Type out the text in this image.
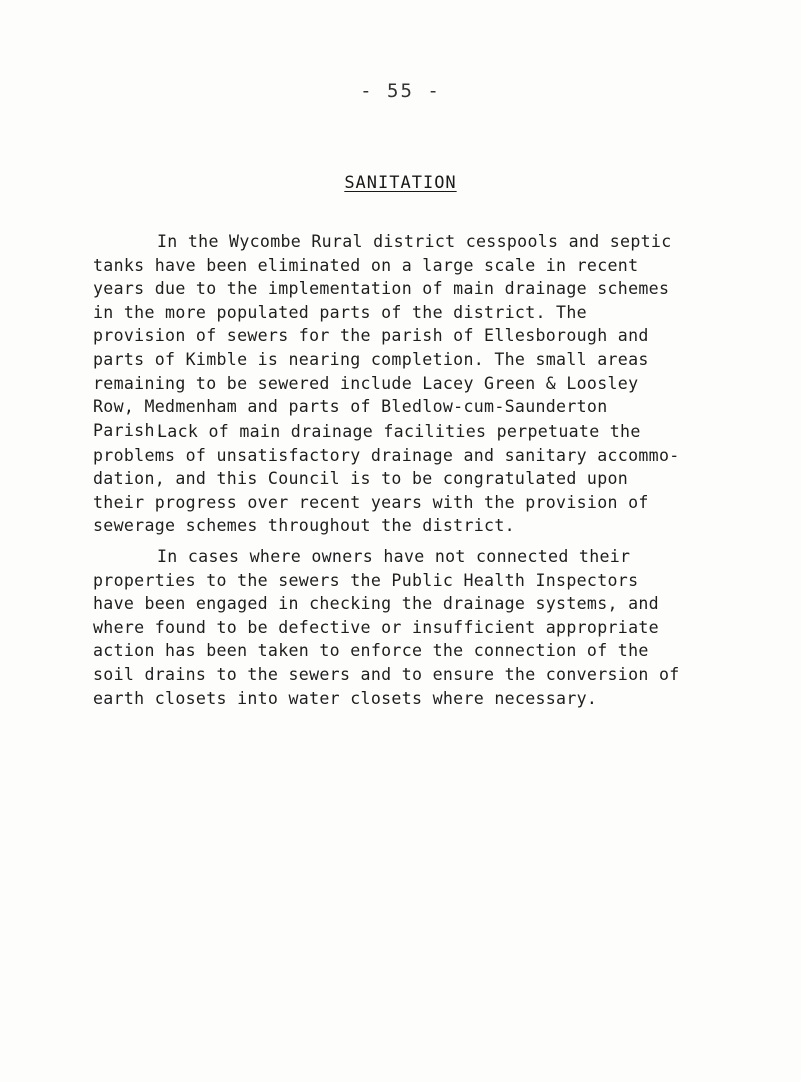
- 55 -
SANITATION
In the Wycombe Rural district cesspools and septic
tanks have been eliminated on a large scale in recent
years due to the implementation of main drainage schemes
in the more populated parts of the district. The
provision of sewers for the parish of Ellesborough and
parts of Kimble is nearing completion. The small areas
remaining to be sewered include Lacey Green & Loosley
Row, Medmenham and parts of Bledlow-cum-Saunderton
Parish.
Lack of main drainage facilities perpetuate the
problems of unsatisfactory drainage and sanitary accommo-
dation, and this Council is to be congratulated upon
their progress over recent years with the provision of
sewerage schemes throughout the district.
In cases where owners have not connected their
properties to the sewers the Public Health Inspectors
have been engaged in checking the drainage systems, and
where found to be defective or insufficient appropriate
action has been taken to enforce the connection of the
soil drains to the sewers and to ensure the conversion of
earth closets into water closets where necessary.
